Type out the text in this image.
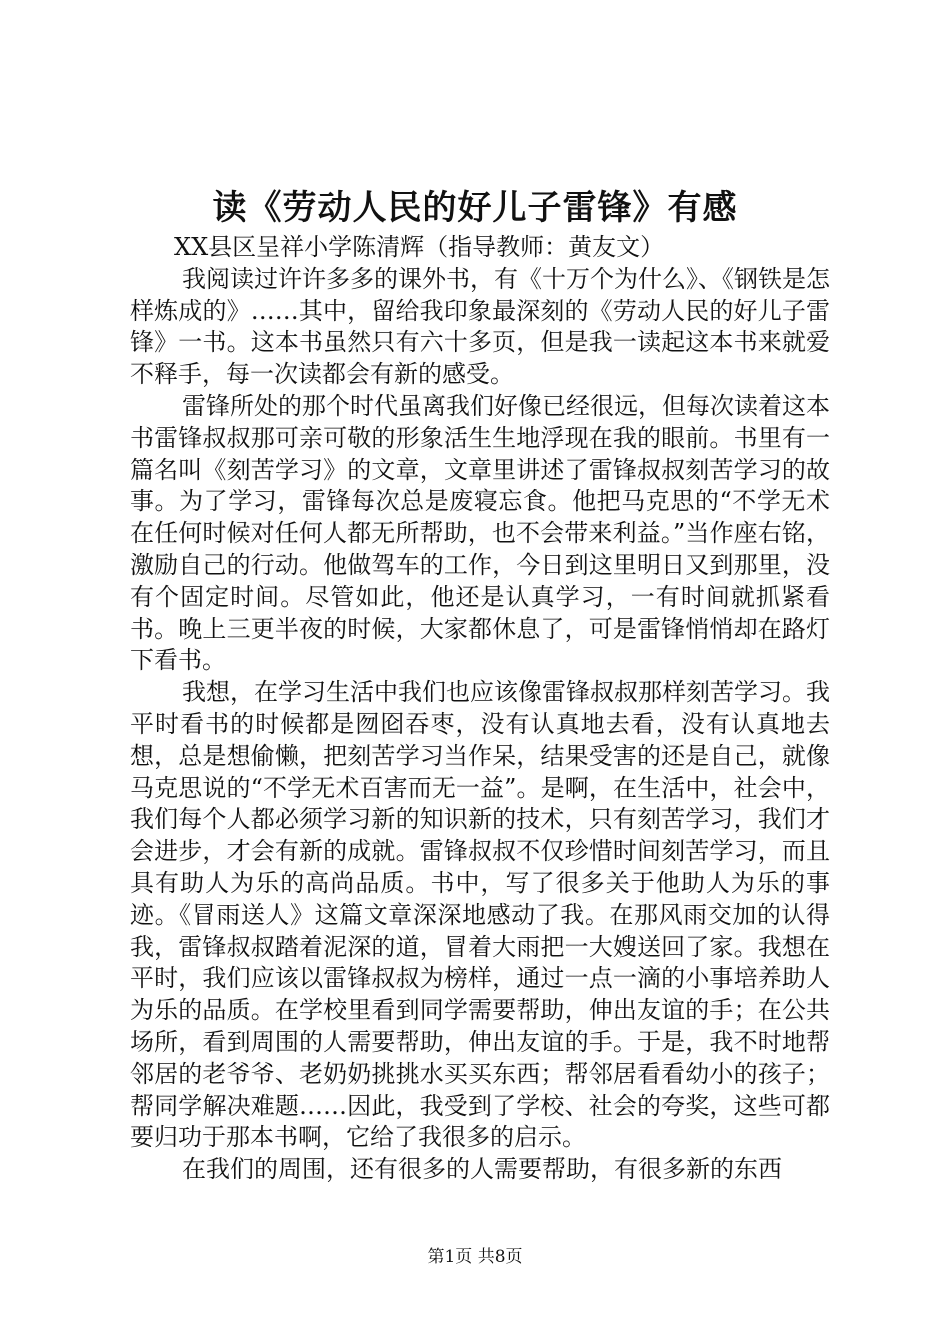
读《劳动人民的好儿子雷锋》有感

XX县区呈祥小学陈清辉（指导教师：黄友文）

我阅读过许许多多的课外书，有《十万个为什么》、《钢铁是怎样炼成的》……其中，留给我印象最深刻的《劳动人民的好儿子雷锋》一书。这本书虽然只有六十多页，但是我一读起这本书来就爱不释手，每一次读都会有新的感受。

雷锋所处的那个时代虽离我们好像已经很远，但每次读着这本书雷锋叔叔那可亲可敬的形象活生生地浮现在我的眼前。书里有一篇名叫《刻苦学习》的文章，文章里讲述了雷锋叔叔刻苦学习的故事。为了学习，雷锋每次总是废寝忘食。他把马克思的“不学无术在任何时候对任何人都无所帮助，也不会带来利益。”当作座右铭，激励自己的行动。他做驾车的工作，今日到这里明日又到那里，没有个固定时间。尽管如此，他还是认真学习，一有时间就抓紧看书。晚上三更半夜的时候，大家都休息了，可是雷锋悄悄却在路灯下看书。

我想，在学习生活中我们也应该像雷锋叔叔那样刻苦学习。我平时看书的时候都是囫囵吞枣，没有认真地去看，没有认真地去想，总是想偷懒，把刻苦学习当作呆，结果受害的还是自己，就像马克思说的“不学无术百害而无一益”。是啊，在生活中，社会中，我们每个人都必须学习新的知识新的技术，只有刻苦学习，我们才会进步，才会有新的成就。雷锋叔叔不仅珍惜时间刻苦学习，而且具有助人为乐的高尚品质。书中，写了很多关于他助人为乐的事迹。《冒雨送人》这篇文章深深地感动了我。在那风雨交加的认得我，雷锋叔叔踏着泥深的道，冒着大雨把一大嫂送回了家。我想在平时，我们应该以雷锋叔叔为榜样，通过一点一滴的小事培养助人为乐的品质。在学校里看到同学需要帮助，伸出友谊的手；在公共场所，看到周围的人需要帮助，伸出友谊的手。于是，我不时地帮邻居的老爷爷、老奶奶挑挑水买买东西；帮邻居看看幼小的孩子；帮同学解决难题……因此，我受到了学校、社会的夸奖，这些可都要归功于那本书啊，它给了我很多的启示。

在我们的周围，还有很多的人需要帮助，有很多新的东西

第1页 共8页
